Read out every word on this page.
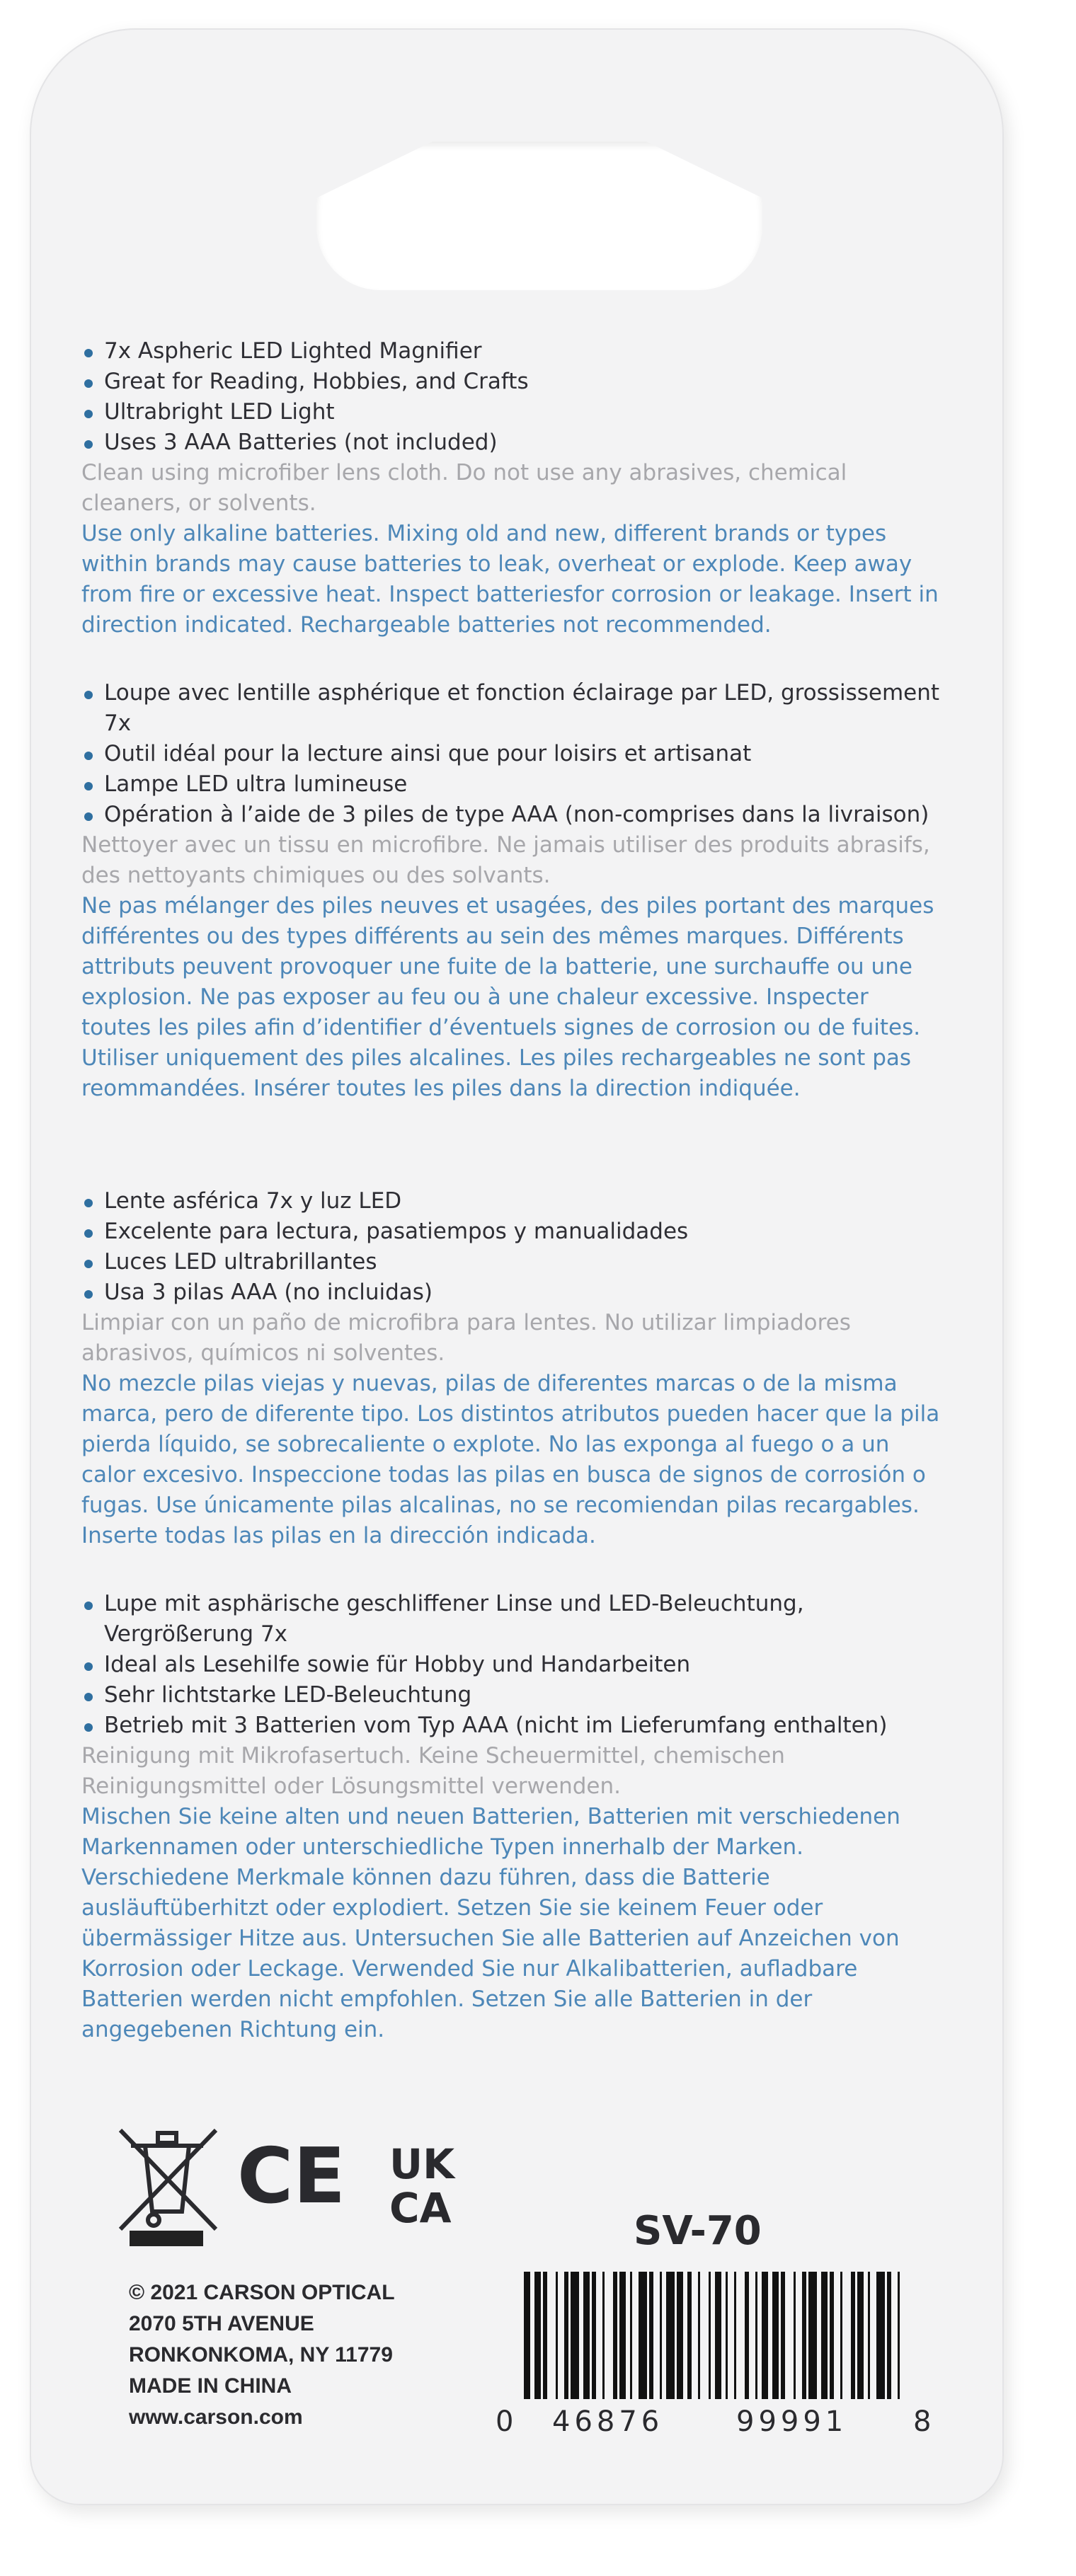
7x Aspheric LED Lighted Magnifier
Great for Reading, Hobbies, and Crafts
Ultrabright LED Light
Uses 3 AAA Batteries (not included)

Clean using microfiber lens cloth. Do not use any abrasives, chemical cleaners, or solvents.

Use only alkaline batteries. Mixing old and new, different brands or types within brands may cause batteries to leak, overheat or explode. Keep away from fire or excessive heat. Inspect batteriesfor corrosion or leakage. Insert in direction indicated. Rechargeable batteries not recommended.

Loupe avec lentille asphérique et fonction éclairage par LED, grossissement 7x
Outil idéal pour la lecture ainsi que pour loisirs et artisanat
Lampe LED ultra lumineuse
Opération à l’aide de 3 piles de type AAA (non-comprises dans la livraison)

Nettoyer avec un tissu en microfibre. Ne jamais utiliser des produits abrasifs, des nettoyants chimiques ou des solvants.

Ne pas mélanger des piles neuves et usagées, des piles portant des marques différentes ou des types différents au sein des mêmes marques. Différents attributs peuvent provoquer une fuite de la batterie, une surchauffe ou une explosion. Ne pas exposer au feu ou à une chaleur excessive. Inspecter toutes les piles afin d’identifier d’éventuels signes de corrosion ou de fuites. Utiliser uniquement des piles alcalines. Les piles rechargeables ne sont pas reommandées. Insérer toutes les piles dans la direction indiquée.

Lente asférica 7x y luz LED
Excelente para lectura, pasatiempos y manualidades
Luces LED ultrabrillantes
Usa 3 pilas AAA (no incluidas)

Limpiar con un paño de microfibra para lentes. No utilizar limpiadores abrasivos, químicos ni solventes.

No mezcle pilas viejas y nuevas, pilas de diferentes marcas o de la misma marca, pero de diferente tipo. Los distintos atributos pueden hacer que la pila pierda líquido, se sobrecaliente o explote. No las exponga al fuego o a un calor excesivo. Inspeccione todas las pilas en busca de signos de corrosión o fugas. Use únicamente pilas alcalinas, no se recomiendan pilas recargables. Inserte todas las pilas en la dirección indicada.

Lupe mit asphärische geschliffener Linse und LED-Beleuchtung, Vergrößerung 7x
Ideal als Lesehilfe sowie für Hobby und Handarbeiten
Sehr lichtstarke LED-Beleuchtung
Betrieb mit 3 Batterien vom Typ AAA (nicht im Lieferumfang enthalten)

Reinigung mit Mikrofasertuch. Keine Scheuermittel, chemischen Reinigungsmittel oder Lösungsmittel verwenden.

Mischen Sie keine alten und neuen Batterien, Batterien mit verschiedenen Markennamen oder unterschiedliche Typen innerhalb der Marken. Verschiedene Merkmale können dazu führen, dass die Batterie ausläuftüberhitzt oder explodiert. Setzen Sie sie keinem Feuer oder übermässiger Hitze aus. Untersuchen Sie alle Batterien auf Anzeichen von Korrosion oder Leckage. Verwended Sie nur Alkalibatterien, aufladbare Batterien werden nicht empfohlen. Setzen Sie alle Batterien in der angegebenen Richtung ein.

CE UK
CA	SV-70
© 2021 CARSON OPTICAL
2070 5TH AVENUE
RONKONKOMA, NY 11779
MADE IN CHINA
www.carson.com	0 46876	99991 8
